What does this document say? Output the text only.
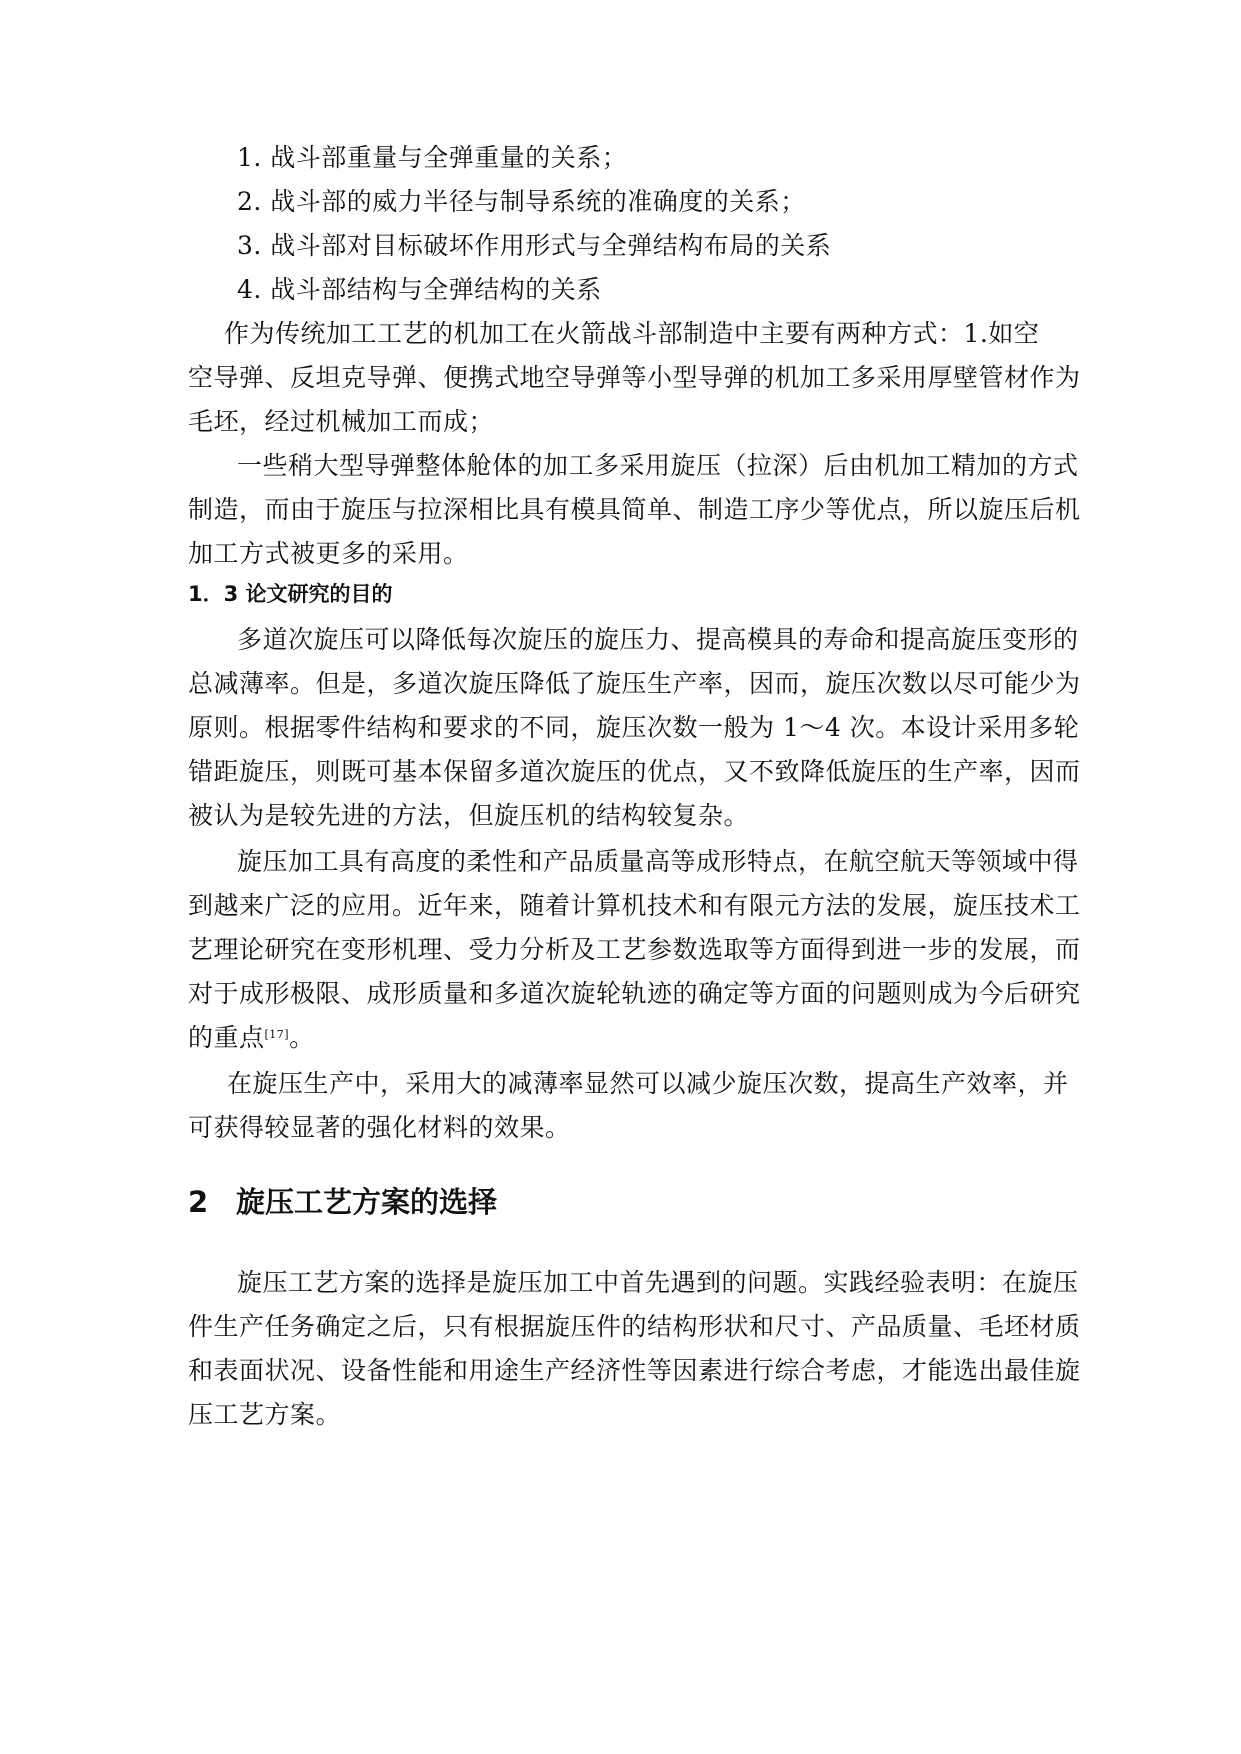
1. 战斗部重量与全弹重量的关系；

2. 战斗部的威力半径与制导系统的准确度的关系；

3. 战斗部对目标破坏作用形式与全弹结构布局的关系

4. 战斗部结构与全弹结构的关系

作为传统加工工艺的机加工在火箭战斗部制造中主要有两种方式：1.如空

空导弹、反坦克导弹、便携式地空导弹等小型导弹的机加工多采用厚壁管材作为

毛坯，经过机械加工而成；

一些稍大型导弹整体舱体的加工多采用旋压（拉深）后由机加工精加的方式

制造，而由于旋压与拉深相比具有模具简单、制造工序少等优点，所以旋压后机

加工方式被更多的采用。

1．3 论文研究的目的

多道次旋压可以降低每次旋压的旋压力、提高模具的寿命和提高旋压变形的

总减薄率。但是，多道次旋压降低了旋压生产率，因而，旋压次数以尽可能少为

原则。根据零件结构和要求的不同，旋压次数一般为 1～4 次。本设计采用多轮

错距旋压，则既可基本保留多道次旋压的优点，又不致降低旋压的生产率，因而

被认为是较先进的方法，但旋压机的结构较复杂。

旋压加工具有高度的柔性和产品质量高等成形特点，在航空航天等领域中得

到越来广泛的应用。近年来，随着计算机技术和有限元方法的发展，旋压技术工

艺理论研究在变形机理、受力分析及工艺参数选取等方面得到进一步的发展，而

对于成形极限、成形质量和多道次旋轮轨迹的确定等方面的问题则成为今后研究

的重点[17]。

在旋压生产中，采用大的减薄率显然可以减少旋压次数，提高生产效率，并

可获得较显著的强化材料的效果。

2 旋压工艺方案的选择

旋压工艺方案的选择是旋压加工中首先遇到的问题。实践经验表明：在旋压

件生产任务确定之后，只有根据旋压件的结构形状和尺寸、产品质量、毛坯材质

和表面状况、设备性能和用途生产经济性等因素进行综合考虑，才能选出最佳旋

压工艺方案。
